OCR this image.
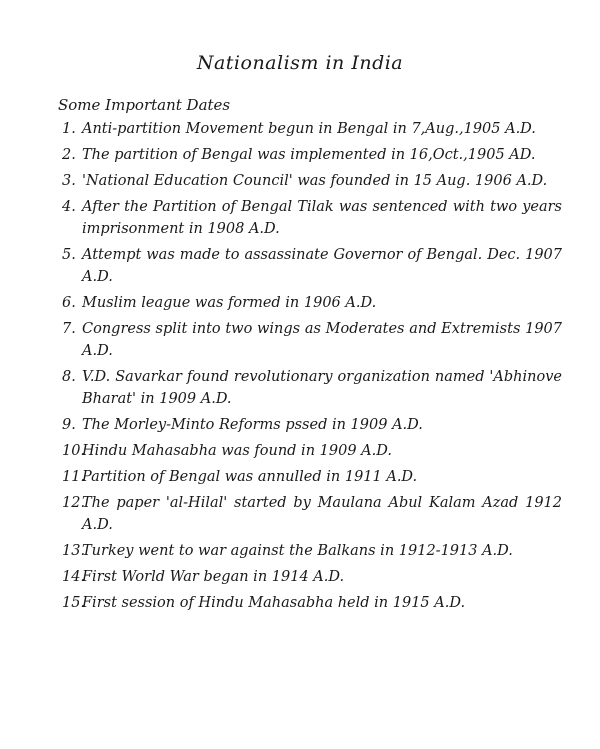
Nationalism in India
Some Important Dates
1. Anti-partition Movement begun in Bengal in 7,Aug.,1905 A.D.
2. The partition of Bengal was implemented in 16,Oct.,1905 AD.
3. 'National Education Council' was founded in 15 Aug. 1906 A.D.
4. After the Partition of Bengal Tilak was sentenced with two years imprisonment in 1908 A.D.
5. Attempt was made to assassinate Governor of Bengal. Dec. 1907 A.D.
6. Muslim league was formed in 1906 A.D.
7. Congress split into two wings as Moderates and Extremists 1907 A.D.
8. V.D. Savarkar found revolutionary organization named 'Abhinove Bharat' in 1909 A.D.
9. The Morley-Minto Reforms pssed in 1909 A.D.
10.
Hindu Mahasabha was found in 1909 A.D.
11.
Partition of Bengal was annulled in 1911 A.D.
12.
The paper 'al-Hilal' started by Maulana Abul Kalam Azad 1912 A.D.
13.
Turkey went to war against the Balkans in 1912-1913 A.D.
14.
First World War began in 1914 A.D.
15.
First session of Hindu Mahasabha held in 1915 A.D.
